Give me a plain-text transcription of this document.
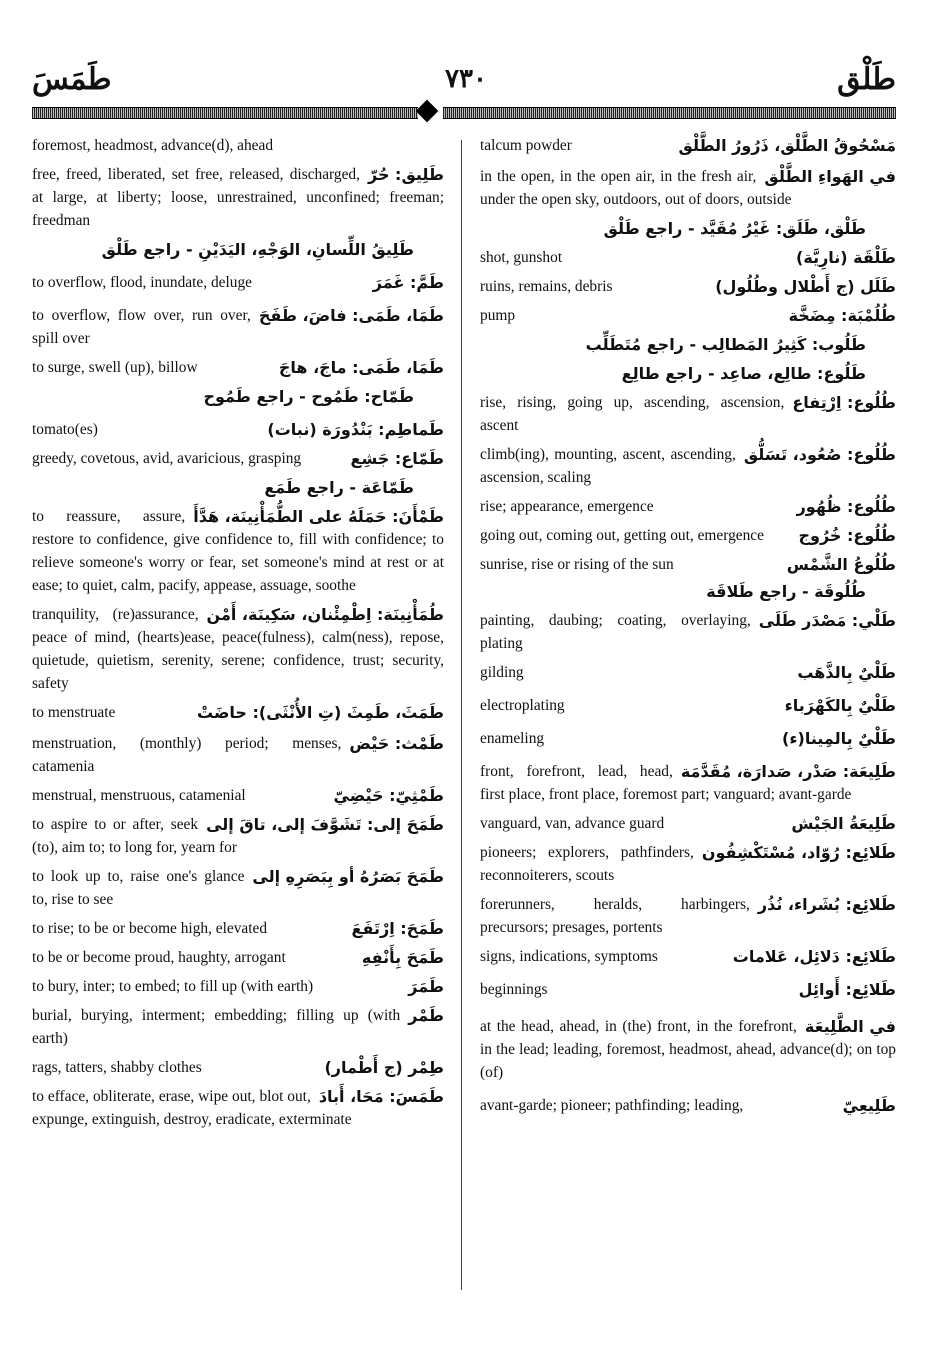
طَمَسَ	٧٣٠	طَلْق
foremost, headmost, advance(d), ahead
طَلِيق: حُرّ
free, freed, liberated, set free, released, discharged, at large, at liberty; loose, unrestrained, unconfined; freeman; freedman
طَلِيقُ اللِّسانِ، الوَجْهِ، اليَدَيْنِ - راجع طَلْق
طَمَّ: غَمَرَ
to overflow, flood, inundate, deluge
طَمَا، طَمَى: فاضَ، طَفَحَ
to overflow, flow over, run over, spill over
طَمَا، طَمَى: ماجَ، هاجَ
to surge, swell (up), billow
طَمّاح: طَمُوح - راجع طَمُوح
طَماطِم: بَنْدُورَة (نبات)
tomato(es)
طَمّاع: جَشِع
greedy, covetous, avid, avaricious, grasping
طَمّاعَة - راجع طَمَع
طَمْأَنَ: حَمَلَهُ على الطُّمَأْنِينَة، هَدَّأَ
to reassure, assure, restore to confidence, give confidence to, fill with confidence; to relieve someone's worry or fear, set someone's mind at rest or at ease; to quiet, calm, pacify, appease, assuage, soothe
طُمَأْنِينَة: اِطْمِئْنان، سَكِينَة، أَمْن
tranquility, (re)assurance, peace of mind, (hearts)ease, peace(fulness), calm(ness), repose, quietude, quietism, serenity, serene; confidence, trust; security, safety
طَمَثَ، طَمِثَ (تِ الأُنْثَى): حاضَتْ
to menstruate
طَمْث: حَيْض
menstruation, (monthly) period; menses, catamenia
طَمْثِيّ: حَيْضِيّ
menstrual, menstruous, catamenial
طَمَحَ إلى: تَشَوَّفَ إلى، تاقَ إلى
to aspire to or after, seek (to), aim to; to long for, yearn for
طَمَحَ بَصَرُهُ أو بِبَصَرِهِ إلى
to look up to, raise one's glance to, rise to see
طَمَحَ: اِرْتَفَعَ
to rise; to be or become high, elevated
طَمَحَ بِأَنْفِهِ
to be or become proud, haughty, arrogant
طَمَرَ
to bury, inter; to embed; to fill up (with earth)
طَمْر
burial, burying, interment; embedding; filling up (with earth)
طِمْر (ج أَطْمار)
rags, tatters, shabby clothes
طَمَسَ: مَحَا، أَبادَ
to efface, obliterate, erase, wipe out, blot out, expunge, extinguish, destroy, eradicate, exterminate
مَسْحُوقُ الطَّلْق، ذَرُورُ الطَّلْق
talcum powder
في الهَواءِ الطَّلْق
in the open, in the open air, in the fresh air, under the open sky, outdoors, out of doors, outside
طَلْق، طَلَق: غَيْرُ مُقَيَّد - راجع طَلْق
طَلْقَة (نارِيَّة)
shot, gunshot
طَلَل (ج أَطْلال وطُلُول)
ruins, remains, debris
طُلُمْبَة: مِضَخَّة
pump
طَلُوب: كَثِيرُ المَطالِب - راجع مُتَطَلِّب
طَلُوع: طالِع، صاعِد - راجع طالِع
طُلُوع: اِرْتِفاع
rise, rising, going up, ascending, ascension, ascent
طُلُوع: صُعُود، تَسَلُّق
climb(ing), mounting, ascent, ascending, ascension, scaling
طُلُوع: ظُهُور
rise; appearance, emergence
طُلُوع: خُرُوج
going out, coming out, getting out, emergence
طُلُوعُ الشَّمْس
sunrise, rise or rising of the sun
طُلُوقَة - راجع طَلاقَة
طَلْي: مَصْدَر طَلَى
painting, daubing; coating, overlaying, plating
طَلْيٌ بِالذَّهَب
gilding
طَلْيٌ بِالكَهْرَباء
electroplating
طَلْيٌ بِالمِينا(ء)
enameling
طَلِيعَة: صَدْر، صَدارَة، مُقَدَّمَة
front, forefront, lead, head, first place, front place, foremost part; vanguard; avant-garde
طَلِيعَةُ الجَيْش
vanguard, van, advance guard
طَلائِع: رُوّاد، مُسْتَكْشِفُون
pioneers; explorers, pathfinders, reconnoiterers, scouts
طَلائِع: بُشَراء، نُذُر
forerunners, heralds, harbingers, precursors; presages, portents
طَلائِع: دَلائِل، عَلامات
signs, indications, symptoms
طَلائِع: أَوائِل
beginnings
في الطَّلِيعَة
at the head, ahead, in (the) front, in the forefront, in the lead; leading, foremost, headmost, ahead, advance(d); on top (of)
طَلِيعِيّ
avant-garde; pioneer; pathfinding; leading,
